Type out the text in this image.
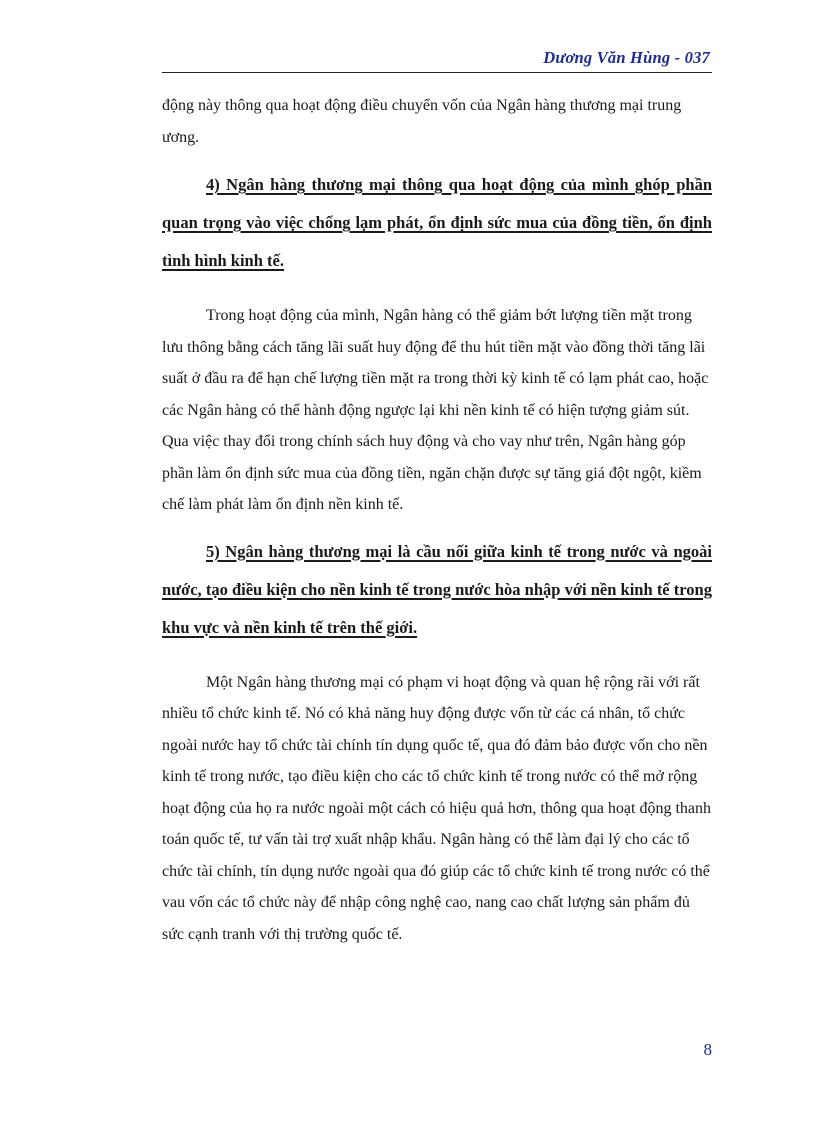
Dương Văn Hùng - 037

động này thông qua hoạt động điều chuyển vốn của Ngân hàng thương mại trung ương.

4) Ngân hàng thương mại thông qua hoạt động của mình ghóp phần quan trọng vào việc chống lạm phát, ổn định sức mua của đồng tiền, ổn định tình hình kinh tế.

Trong hoạt động của mình, Ngân hàng có thể giảm bớt lượng tiền mặt trong lưu thông bằng cách tăng lãi suất huy động để thu hút tiền mặt vào đồng thời tăng lãi suất ở đầu ra để hạn chế lượng tiền mặt ra trong thời kỳ kinh tế có lạm phát cao, hoặc các Ngân hàng có thể hành động ngược lại khi nền kinh tế có hiện tượng giảm sút. Qua việc thay đổi trong chính sách huy động và cho vay như trên, Ngân hàng góp phần làm ổn định sức mua của đồng tiền, ngăn chặn được sự tăng giá đột ngột, kiềm chế làm phát làm ổn định nền kinh tế.

5) Ngân hàng thương mại là cầu nối giữa kinh tế trong nước và ngoài nước, tạo điều kiện cho nền kinh tế trong nước hòa nhập với nền kinh tế trong khu vực và nền kinh tế trên thế giới.

Một Ngân hàng thương mại có phạm vi hoạt động và quan hệ rộng rãi với rất nhiều tổ chức kinh tế. Nó có khả năng huy động được vốn từ các cá nhân, tổ chức ngoài nước hay tổ chức tài chính tín dụng quốc tế, qua đó đảm bảo được vốn cho nền kinh tế trong nước, tạo điều kiện cho các tổ chức kinh tế trong nước có thể mở rộng hoạt động của họ ra nước ngoài một cách có hiệu quả hơn, thông qua hoạt động thanh toán quốc tế, tư vấn tài trợ xuất nhập khẩu. Ngân hàng có thể làm đại lý cho các tổ chức tài chính, tín dụng nước ngoài qua đó giúp các tổ chức kinh tế trong nước có thể vau vốn các tổ chức này để nhập công nghệ cao, nang cao chất lượng sản phẩm đủ sức cạnh tranh với thị trường quốc tế.

8
